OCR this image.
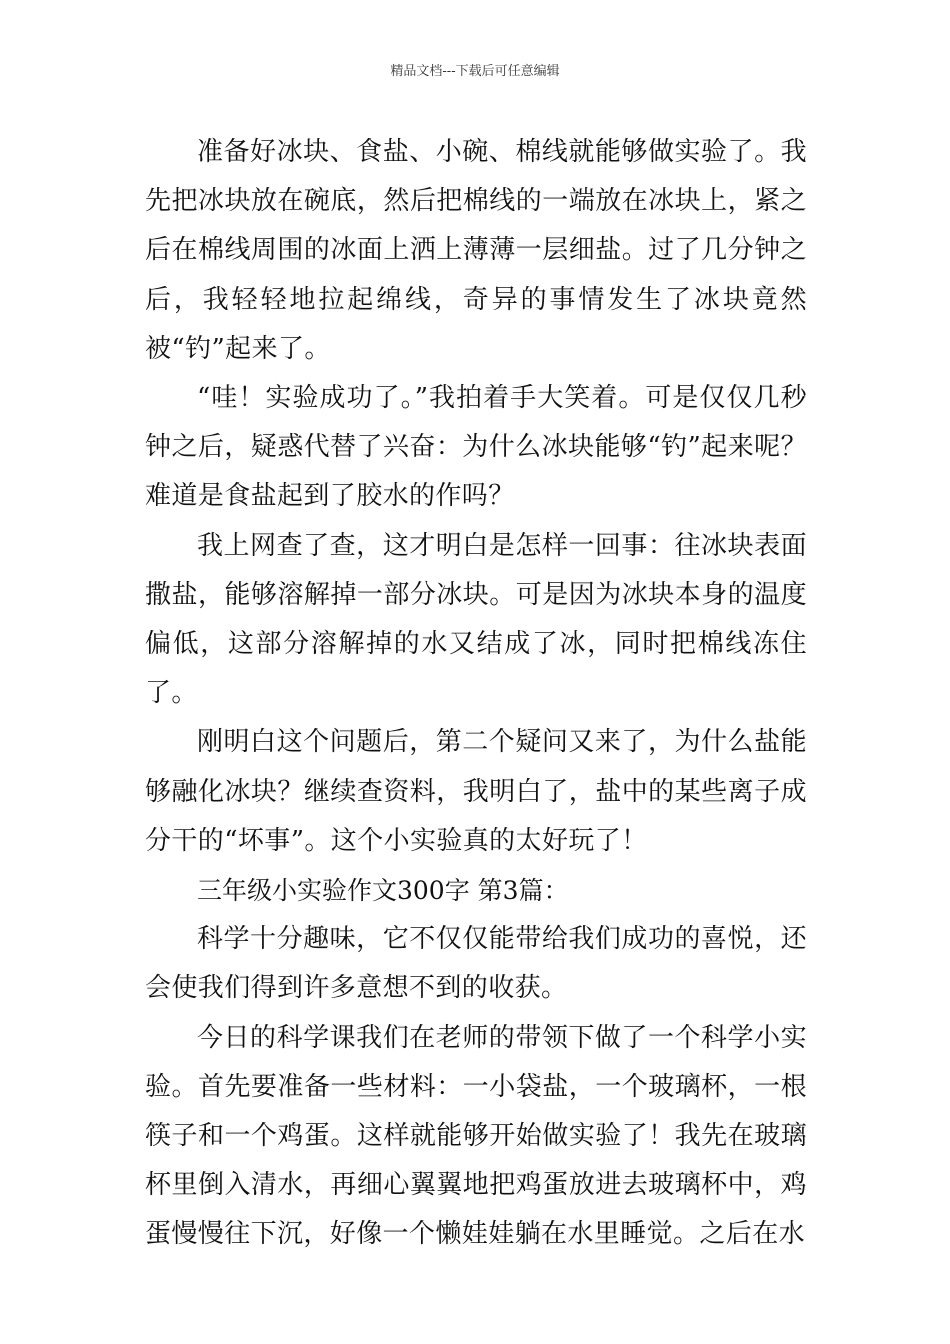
精品文档---下载后可任意编辑

准备好冰块、食盐、小碗、棉线就能够做实验了。我先把冰块放在碗底，然后把棉线的一端放在冰块上，紧之后在棉线周围的冰面上洒上薄薄一层细盐。过了几分钟之后，我轻轻地拉起绵线，奇异的事情发生了冰块竟然被“钓”起来了。

“哇！实验成功了。”我拍着手大笑着。可是仅仅几秒钟之后，疑惑代替了兴奋：为什么冰块能够“钓”起来呢？难道是食盐起到了胶水的作吗？

我上网查了查，这才明白是怎样一回事：往冰块表面撒盐，能够溶解掉一部分冰块。可是因为冰块本身的温度偏低，这部分溶解掉的水又结成了冰，同时把棉线冻住了。

刚明白这个问题后，第二个疑问又来了，为什么盐能够融化冰块？继续查资料，我明白了，盐中的某些离子成分干的“坏事”。这个小实验真的太好玩了！

三年级小实验作文300字 第3篇：

科学十分趣味，它不仅仅能带给我们成功的喜悦，还会使我们得到许多意想不到的收获。

今日的科学课我们在老师的带领下做了一个科学小实验。首先要准备一些材料：一小袋盐，一个玻璃杯，一根筷子和一个鸡蛋。这样就能够开始做实验了！我先在玻璃杯里倒入清水，再细心翼翼地把鸡蛋放进去玻璃杯中，鸡蛋慢慢往下沉，好像一个懒娃娃躺在水里睡觉。之后在水
